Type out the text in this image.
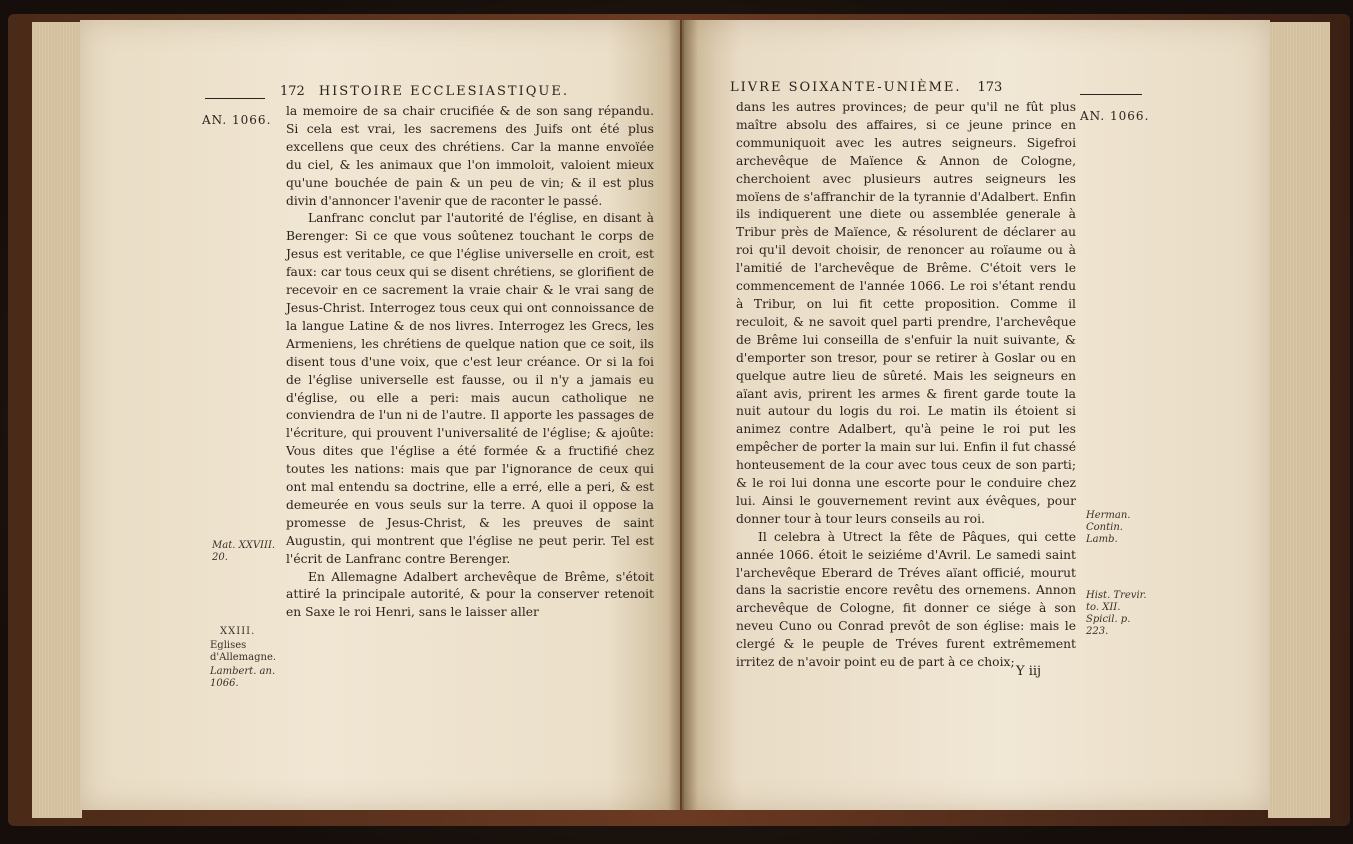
172 HISTOIRE ECCLESIASTIQUE.
AN. 1066.

la memoire de sa chair crucifiée & de son sang répandu. Si cela est vrai, les sacremens des Juifs ont été plus excellens que ceux des chrétiens. Car la manne envoïée du ciel, & les animaux que l'on immoloit, valoient mieux qu'une bouchée de pain & un peu de vin; & il est plus divin d'annoncer l'avenir que de raconter le passé.

Lanfranc conclut par l'autorité de l'église, en disant à Berenger: Si ce que vous soûtenez touchant le corps de Jesus est veritable, ce que l'église universelle en croit, est faux: car tous ceux qui se disent chrétiens, se glorifient de recevoir en ce sacrement la vraie chair & le vrai sang de Jesus-Christ. Interrogez tous ceux qui ont connoissance de la langue Latine & de nos livres. Interrogez les Grecs, les Armeniens, les chrétiens de quelque nation que ce soit, ils disent tous d'une voix, que c'est leur créance. Or si la foi de l'église universelle est fausse, ou il n'y a jamais eu d'église, ou elle a peri: mais aucun catholique ne conviendra de l'un ni de l'autre. Il apporte les passages de l'écriture, qui prouvent l'universalité de l'église; & ajoûte: Vous dites que l'église a été formée & a fructifié chez toutes les nations: mais que par l'ignorance de ceux qui ont mal entendu sa doctrine, elle a erré, elle a peri, & est demeurée en vous seuls sur la terre. A quoi il oppose la promesse de Jesus-Christ, & les preuves de saint Augustin, qui montrent que l'église ne peut perir. Tel est l'écrit de Lanfranc contre Berenger.

En Allemagne Adalbert archevêque de Brême, s'étoit attiré la principale autorité, & pour la conserver retenoit en Saxe le roi Henri, sans le laisser aller

Mat. XXVIII. 20.
XXIII.
Eglises d'Allemagne.
Lambert. an. 1066.
LIVRE SOIXANTE-UNIÈME. 173
AN. 1066.

dans les autres provinces; de peur qu'il ne fût plus maître absolu des affaires, si ce jeune prince en communiquoit avec les autres seigneurs. Sigefroi archevêque de Maïence & Annon de Cologne, cherchoient avec plusieurs autres seigneurs les moïens de s'affranchir de la tyrannie d'Adalbert. Enfin ils indiquerent une diete ou assemblée generale à Tribur près de Maïence, & résolurent de déclarer au roi qu'il devoit choisir, de renoncer au roïaume ou à l'amitié de l'archevêque de Brême. C'étoit vers le commencement de l'année 1066. Le roi s'étant rendu à Tribur, on lui fit cette proposition. Comme il reculoit, & ne savoit quel parti prendre, l'archevêque de Brême lui conseilla de s'enfuir la nuit suivante, & d'emporter son tresor, pour se retirer à Goslar ou en quelque autre lieu de sûreté. Mais les seigneurs en aïant avis, prirent les armes & firent garde toute la nuit autour du logis du roi. Le matin ils étoient si animez contre Adalbert, qu'à peine le roi put les empêcher de porter la main sur lui. Enfin il fut chassé honteusement de la cour avec tous ceux de son parti; & le roi lui donna une escorte pour le conduire chez lui. Ainsi le gouvernement revint aux évêques, pour donner tour à tour leurs conseils au roi.

Il celebra à Utrect la fête de Pâques, qui cette année 1066. étoit le seiziéme d'Avril. Le samedi saint l'archevêque Eberard de Tréves aïant officié, mourut dans la sacristie encore revêtu des ornemens. Annon archevêque de Cologne, fit donner ce siége à son neveu Cuno ou Conrad prevôt de son église: mais le clergé & le peuple de Tréves furent extrêmement irritez de n'avoir point eu de part à ce choix;

Herman. Contin. Lamb.
Hist. Trevir. to. XII. Spicil. p. 223.
Y iij
